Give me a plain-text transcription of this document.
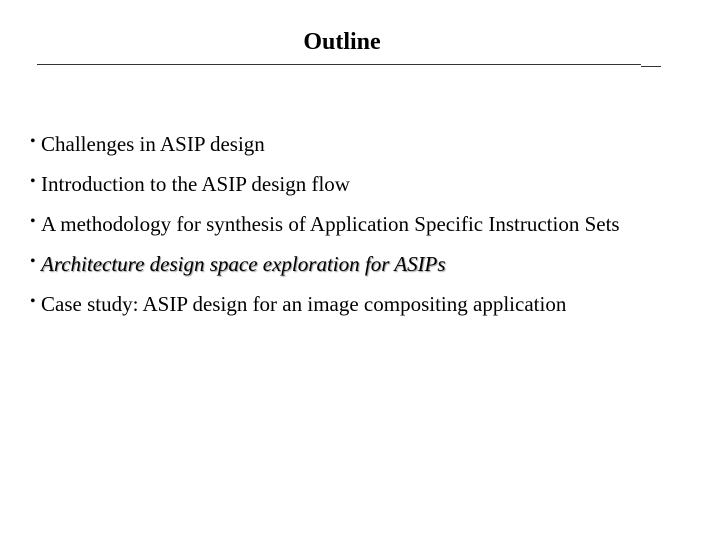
Outline
• Challenges in ASIP design
• Introduction to the ASIP design flow
• A methodology for synthesis of Application Specific Instruction Sets
• Architecture design space exploration for ASIPs
• Case study: ASIP design for an image compositing application
